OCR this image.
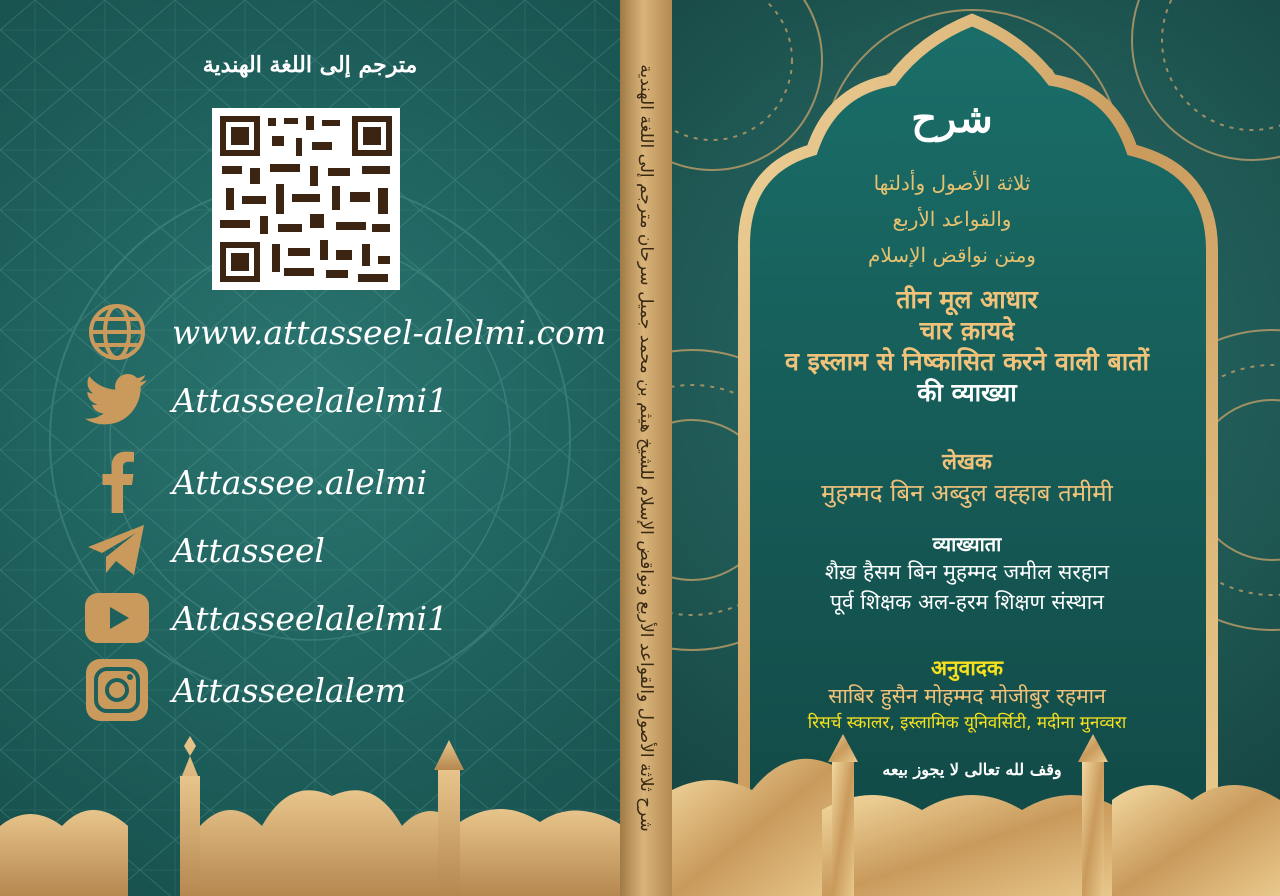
مترجم إلى اللغة الهندية
www.attasseel-alelmi.com
Attasseelalelmi1
Attassee.alelmi
Attasseel
Attasseelalelmi1
Attasseelalem	شرح ثلاثة الأصول والقواعد الأربع ونواقض الإسلام للشيخ هيثم بن محمد جميل سرحان مترجم إلى اللغة الهندية	شرح
ثلاثة الأصول وأدلتها
والقواعد الأربع
ومتن نواقض الإسلام
तीन मूल आधार
चार क़ायदे
व इस्लाम से निष्कासित करने वाली बातों
की व्याख्या
लेखक
मुहम्मद बिन अब्दुल वह्हाब तमीमी
व्याख्याता
शैख़ हैसम बिन मुहम्मद जमील सरहान
पूर्व शिक्षक अल-हरम शिक्षण संस्थान
अनुवादक
साबिर हुसैन मोहम्मद मोजीबुर रहमान
रिसर्च स्कालर, इस्लामिक यूनिवर्सिटी, मदीना मुनव्वरा
وقف لله تعالى لا يجوز بيعه
